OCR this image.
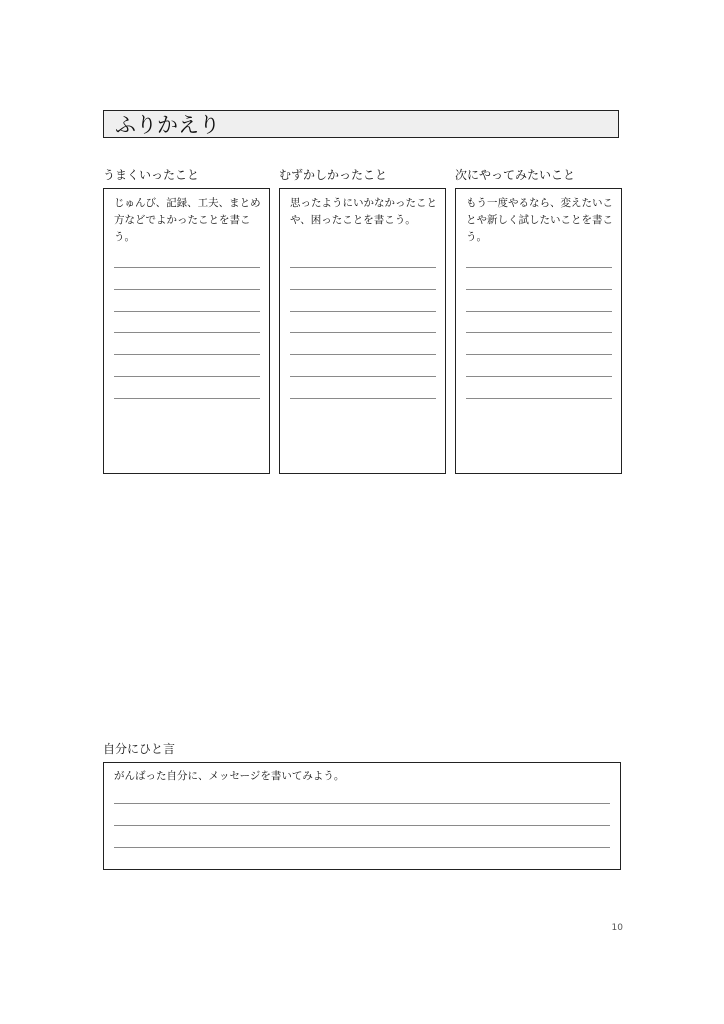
ふりかえり
うまくいったこと
じゅんび、記録、工夫、まとめ方などでよかったことを書こう。
むずかしかったこと
思ったようにいかなかったことや、困ったことを書こう。
次にやってみたいこと
もう一度やるなら、変えたいことや新しく試したいことを書こう。
自分にひと言
がんばった自分に、メッセージを書いてみよう。
10
